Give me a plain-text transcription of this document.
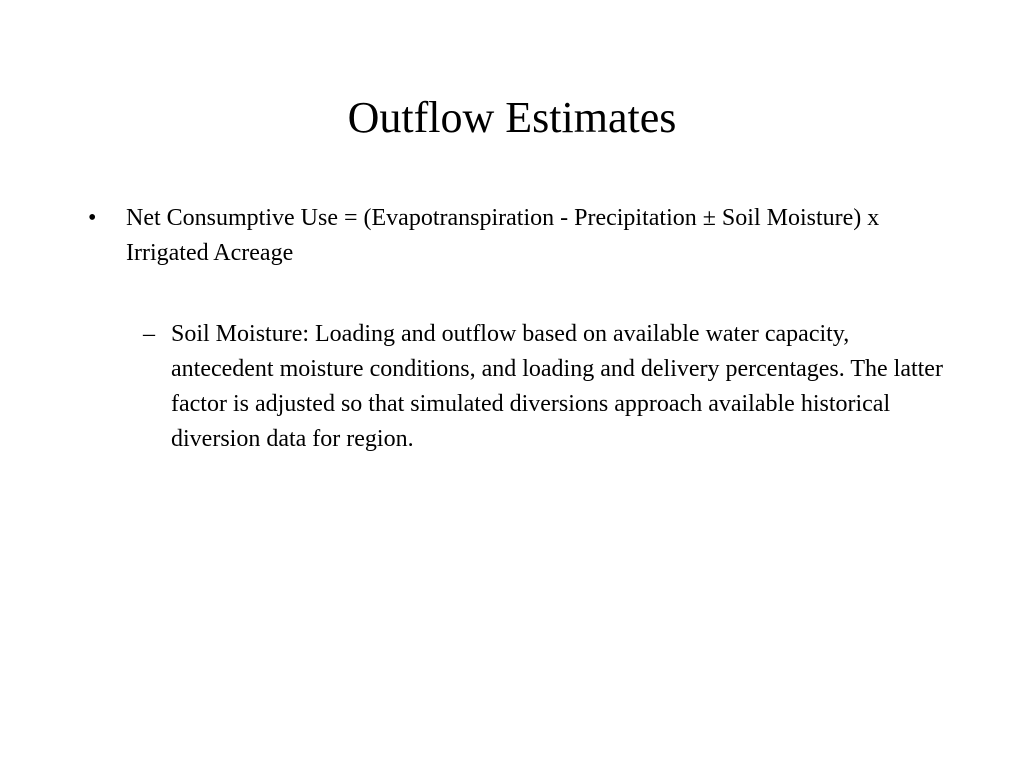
Outflow Estimates
•	Net Consumptive Use = (Evapotranspiration - Precipitation ± Soil Moisture) x Irrigated Acreage
– Soil Moisture: Loading and outflow based on available water capacity, antecedent moisture conditions, and loading and delivery percentages. The latter factor is adjusted so that simulated diversions approach available historical diversion data for region.
